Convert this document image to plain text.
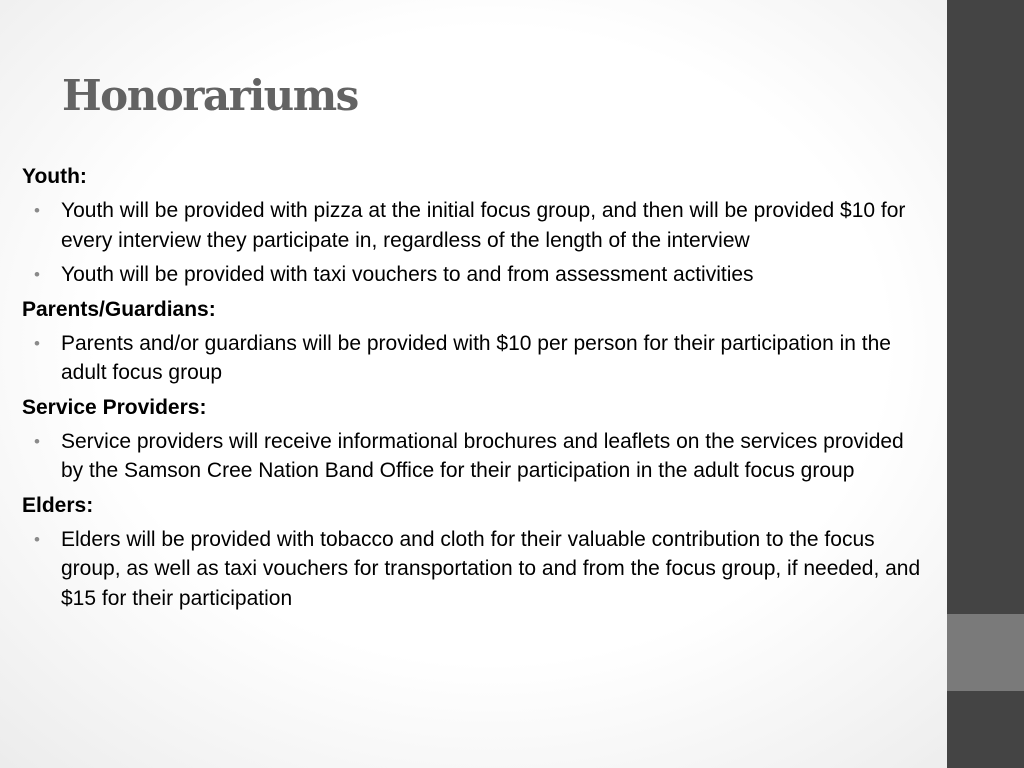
Honorariums
Youth:
• Youth will be provided with pizza at the initial focus group, and then will be provided $10 for every interview they participate in, regardless of the length of the interview
• Youth will be provided with taxi vouchers to and from assessment activities
Parents/Guardians:
• Parents and/or guardians will be provided with $10 per person for their participation in the adult focus group
Service Providers:
• Service providers will receive informational brochures and leaflets on the services provided by the Samson Cree Nation Band Office for their participation in the adult focus group
Elders:
• Elders will be provided with tobacco and cloth for their valuable contribution to the focus group, as well as taxi vouchers for transportation to and from the focus group, if needed, and $15 for their participation
